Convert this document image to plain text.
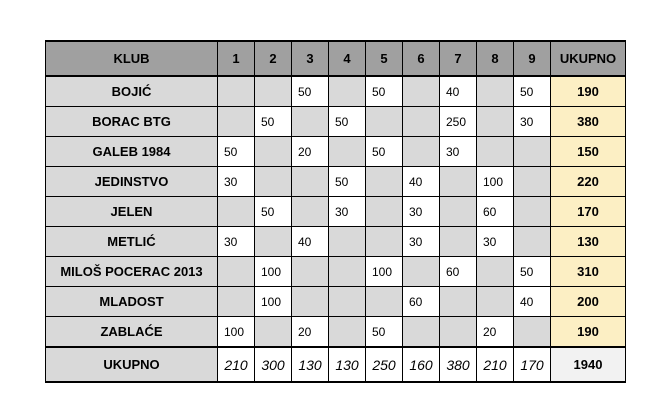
KLUB	1	2	3	4	5	6	7	8	9	UKUPNO
BOJIĆ			50		50		40		50	190
BORAC BTG		50		50			250		30	380
GALEB 1984	50		20		50		30			150
JEDINSTVO	30			50		40		100		220
JELEN		50		30		30		60		170
METLIĆ	30		40			30		30		130
MILOŠ POCERAC 2013		100			100		60		50	310
MLADOST		100				60			40	200
ZABLAĆE	100		20		50			20		190
UKUPNO	210	300	130	130	250	160	380	210	170	1940
